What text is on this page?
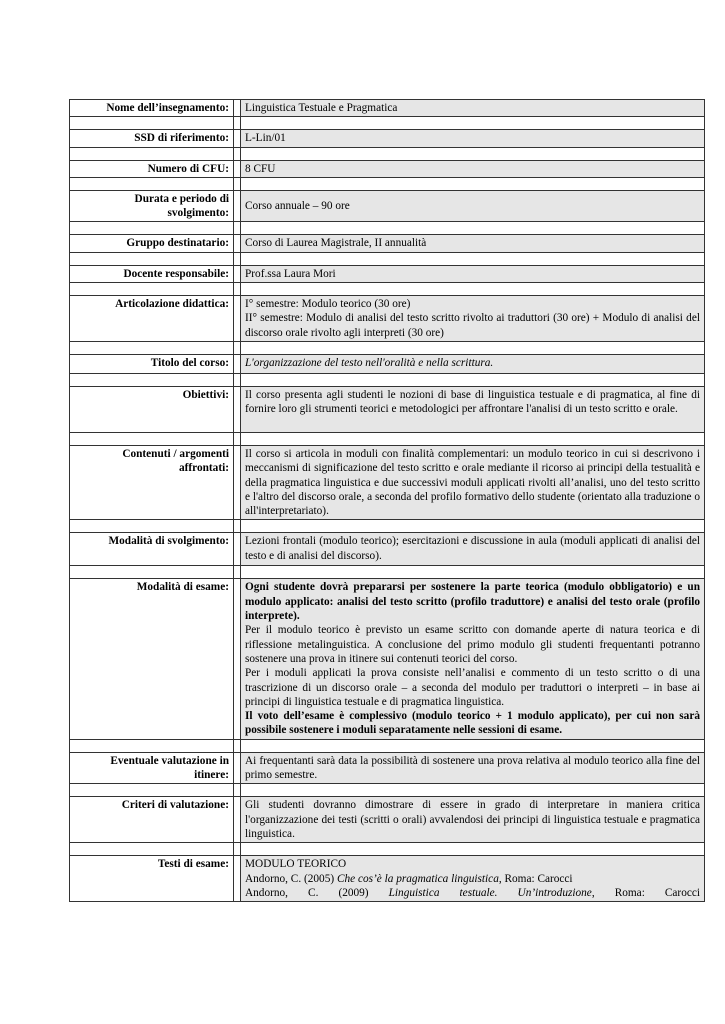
Nome dell’insegnamento:		Linguistica Testuale e Pragmatica

SSD di riferimento:		L-Lin/01

Numero di CFU:		8 CFU

Durata e periodo di
svolgimento:		Corso annuale – 90 ore

Gruppo destinatario:		Corso di Laurea Magistrale, II annualità

Docente responsabile:		Prof.ssa Laura Mori

Articolazione didattica:		I° semestre: Modulo teorico (30 ore)
II° semestre: Modulo di analisi del testo scritto rivolto ai traduttori (30 ore) + Modulo di analisi del discorso orale rivolto agli interpreti (30 ore)

Titolo del corso:		L'organizzazione del testo nell'oralità e nella scrittura.

Obiettivi:		Il corso presenta agli studenti le nozioni di base di linguistica testuale e di pragmatica, al fine di fornire loro gli strumenti teorici e metodologici per affrontare l'analisi di un testo scritto e orale.

Contenuti / argomenti
affrontati:		Il corso si articola in moduli con finalità complementari: un modulo teorico in cui si descrivono i meccanismi di significazione del testo scritto e orale mediante il ricorso ai principi della testualità e della pragmatica linguistica e due successivi moduli applicati rivolti all’analisi, uno del testo scritto e l'altro del discorso orale, a seconda del profilo formativo dello studente (orientato alla traduzione o all'interpretariato).

Modalità di svolgimento:		Lezioni frontali (modulo teorico); esercitazioni e discussione in aula (moduli applicati di analisi del testo e di analisi del discorso).

Modalità di esame:		Ogni studente dovrà prepararsi per sostenere la parte teorica (modulo obbligatorio) e un modulo applicato: analisi del testo scritto (profilo traduttore) e analisi del testo orale (profilo interprete).
Per il modulo teorico è previsto un esame scritto con domande aperte di natura teorica e di riflessione metalinguistica. A conclusione del primo modulo gli studenti frequentanti potranno sostenere una prova in itinere sui contenuti teorici del corso.
Per i moduli applicati la prova consiste nell’analisi e commento di un testo scritto o di una trascrizione di un discorso orale – a seconda del modulo per traduttori o interpreti – in base ai principi di linguistica testuale e di pragmatica linguistica.
Il voto dell’esame è complessivo (modulo teorico + 1 modulo applicato), per cui non sarà possibile sostenere i moduli separatamente nelle sessioni di esame.

Eventuale valutazione in
itinere:		Ai frequentanti sarà data la possibilità di sostenere una prova relativa al modulo teorico alla fine del primo semestre.

Criteri di valutazione:		Gli studenti dovranno dimostrare di essere in grado di interpretare in maniera critica l'organizzazione dei testi (scritti o orali) avvalendosi dei principi di linguistica testuale e pragmatica linguistica.

Testi di esame:		MODULO TEORICO
Andorno, C. (2005) Che cos’è la pragmatica linguistica, Roma: Carocci
Andorno, C. (2009) Linguistica testuale. Un’introduzione, Roma: Carocci
